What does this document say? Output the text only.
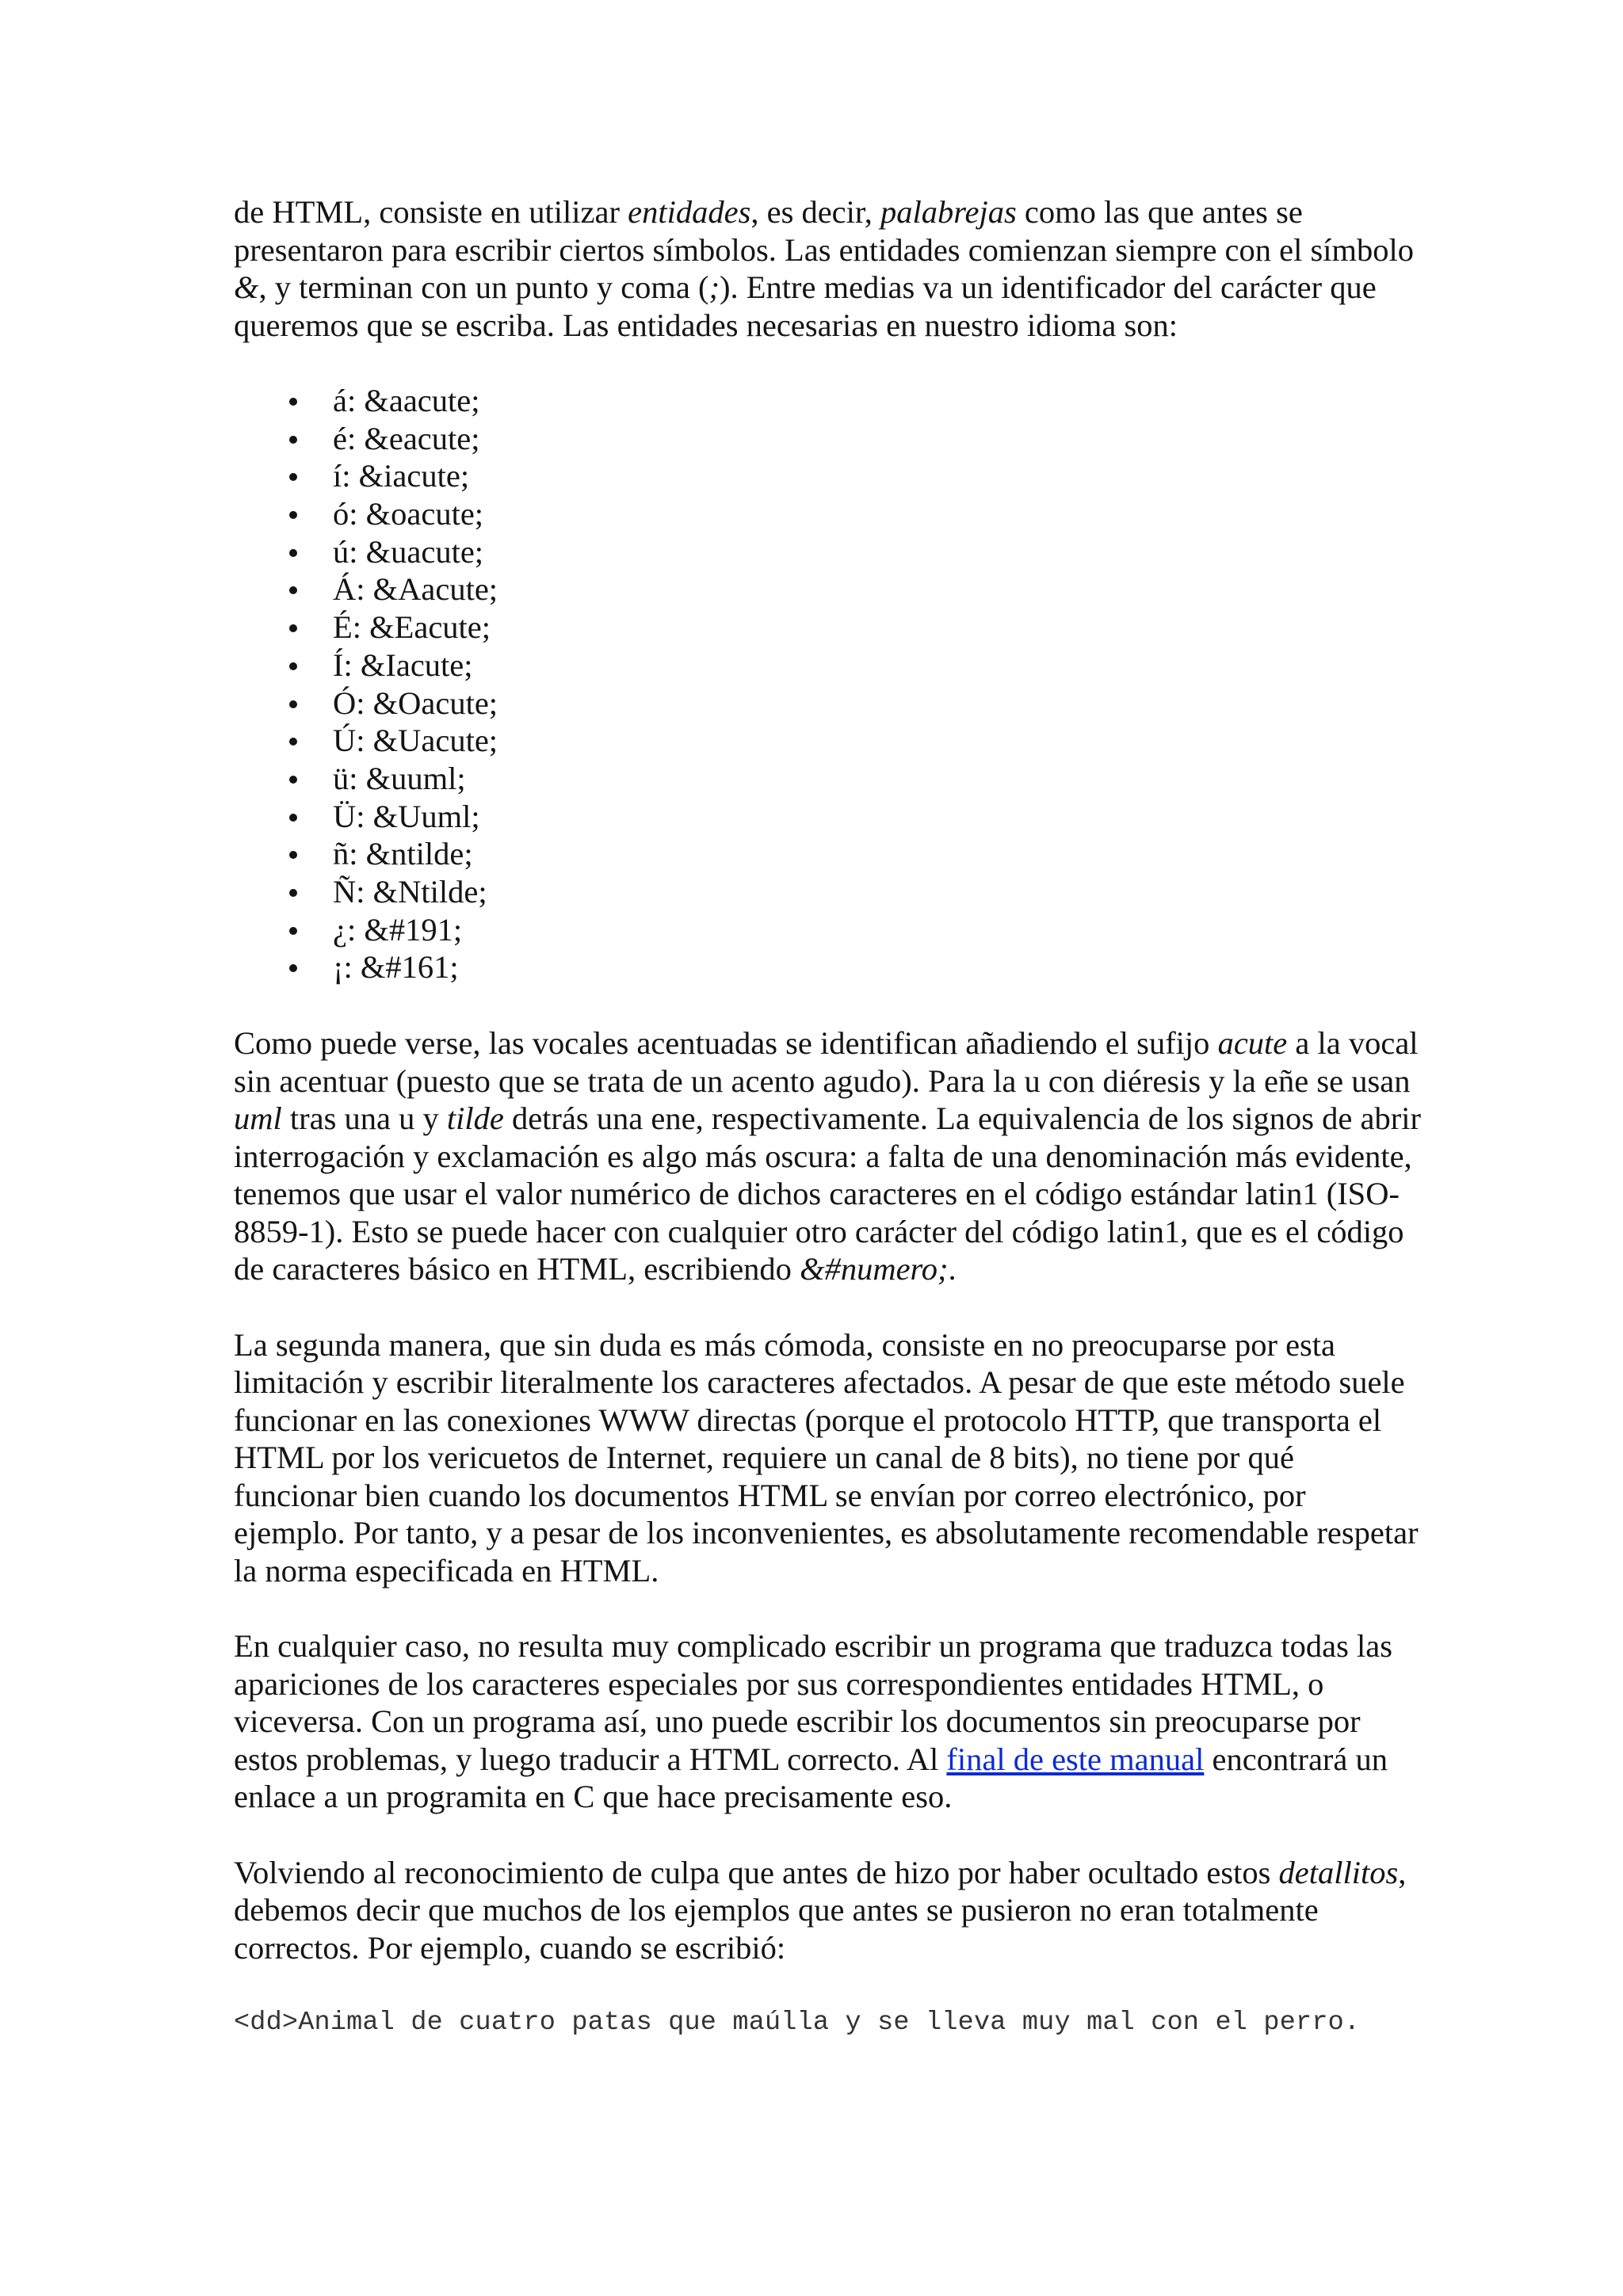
de HTML, consiste en utilizar entidades, es decir, palabrejas como las que antes se presentaron para escribir ciertos símbolos. Las entidades comienzan siempre con el símbolo &, y terminan con un punto y coma (;). Entre medias va un identificador del carácter que queremos que se escriba. Las entidades necesarias en nuestro idioma son:

á: &aacute;
é: &eacute;
í: &iacute;
ó: &oacute;
ú: &uacute;
Á: &Aacute;
É: &Eacute;
Í: &Iacute;
Ó: &Oacute;
Ú: &Uacute;
ü: &uuml;
Ü: &Uuml;
ñ: &ntilde;
Ñ: &Ntilde;
¿: &#191;
¡: &#161;

Como puede verse, las vocales acentuadas se identifican añadiendo el sufijo acute a la vocal sin acentuar (puesto que se trata de un acento agudo). Para la u con diéresis y la eñe se usan uml tras una u y tilde detrás una ene, respectivamente. La equivalencia de los signos de abrir interrogación y exclamación es algo más oscura: a falta de una denominación más evidente, tenemos que usar el valor numérico de dichos caracteres en el código estándar latin1 (ISO-8859-1). Esto se puede hacer con cualquier otro carácter del código latin1, que es el código de caracteres básico en HTML, escribiendo &#numero;.

La segunda manera, que sin duda es más cómoda, consiste en no preocuparse por esta limitación y escribir literalmente los caracteres afectados. A pesar de que este método suele funcionar en las conexiones WWW directas (porque el protocolo HTTP, que transporta el HTML por los vericuetos de Internet, requiere un canal de 8 bits), no tiene por qué funcionar bien cuando los documentos HTML se envían por correo electrónico, por ejemplo. Por tanto, y a pesar de los inconvenientes, es absolutamente recomendable respetar la norma especificada en HTML.

En cualquier caso, no resulta muy complicado escribir un programa que traduzca todas las apariciones de los caracteres especiales por sus correspondientes entidades HTML, o viceversa. Con un programa así, uno puede escribir los documentos sin preocuparse por estos problemas, y luego traducir a HTML correcto. Al final de este manual encontrará un enlace a un programita en C que hace precisamente eso.

Volviendo al reconocimiento de culpa que antes de hizo por haber ocultado estos detallitos, debemos decir que muchos de los ejemplos que antes se pusieron no eran totalmente correctos. Por ejemplo, cuando se escribió:

<dd>Animal de cuatro patas que maúlla y se lleva muy mal con el perro.
